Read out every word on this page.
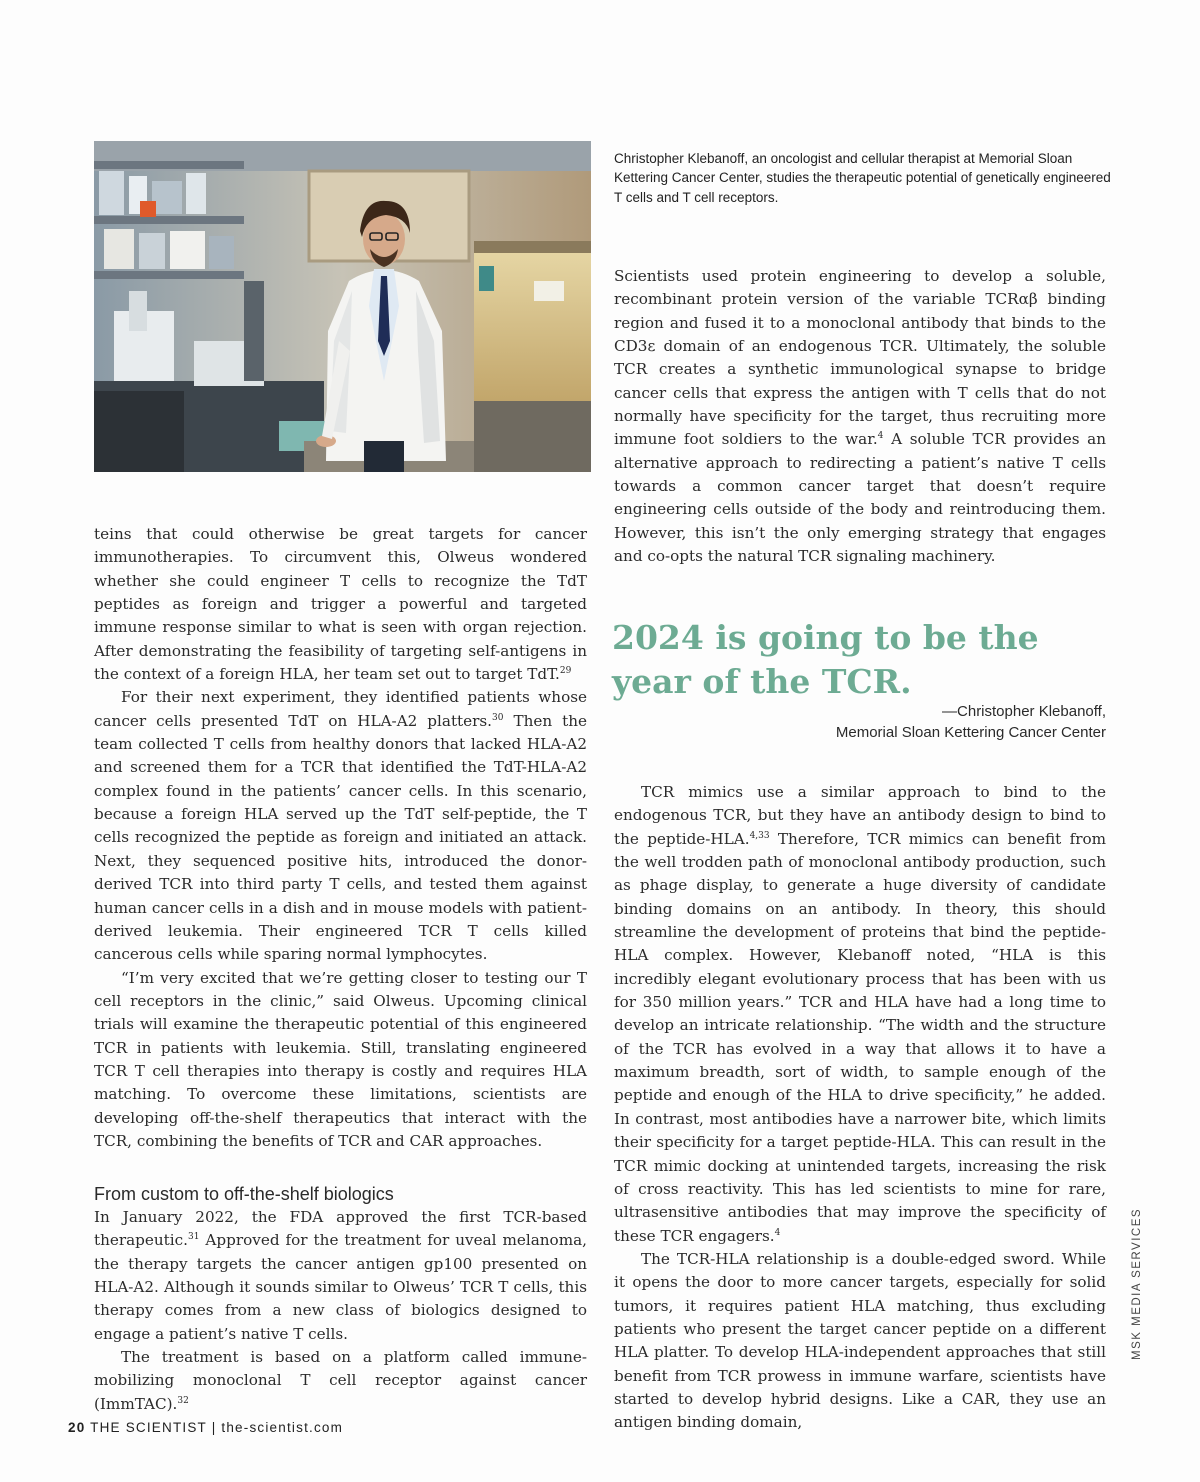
Christopher Klebanoff, an oncologist and cellular therapist at Memorial Sloan Kettering Cancer Center, studies the therapeutic potential of genetically engineered T cells and T cell receptors.

teins that could otherwise be great targets for cancer immunotherapies. To circumvent this, Olweus wondered whether she could engineer T cells to recognize the TdT peptides as foreign and trigger a powerful and targeted immune response similar to what is seen with organ rejection. After demonstrating the feasibility of targeting self-antigens in the context of a foreign HLA, her team set out to target TdT.$^{29}$

For their next experiment, they identified patients whose cancer cells presented TdT on HLA-A2 platters.$^{30}$ Then the team collected T cells from healthy donors that lacked HLA-A2 and screened them for a TCR that identified the TdT-HLA-A2 complex found in the patients’ cancer cells. In this scenario, because a foreign HLA served up the TdT self-peptide, the T cells recognized the peptide as foreign and initiated an attack. Next, they sequenced positive hits, introduced the donor-derived TCR into third party T cells, and tested them against human cancer cells in a dish and in mouse models with patient-derived leukemia. Their engineered TCR T cells killed cancerous cells while sparing normal lymphocytes.

“I’m very excited that we’re getting closer to testing our T cell receptors in the clinic,” said Olweus. Upcoming clinical trials will examine the therapeutic potential of this engineered TCR in patients with leukemia. Still, translating engineered TCR T cell therapies into therapy is costly and requires HLA matching. To overcome these limitations, scientists are developing off-the-shelf therapeutics that interact with the TCR, combining the benefits of TCR and CAR approaches.

From custom to off-the-shelf biologics

In January 2022, the FDA approved the first TCR-based therapeutic.$^{31}$ Approved for the treatment for uveal melanoma, the therapy targets the cancer antigen gp100 presented on HLA-A2. Although it sounds similar to Olweus’ TCR T cells, this therapy comes from a new class of biologics designed to engage a patient’s native T cells.

The treatment is based on a platform called immune-mobilizing monoclonal T cell receptor against cancer (ImmTAC).$^{32}$

Scientists used protein engineering to develop a soluble, recombinant protein version of the variable TCRαβ binding region and fused it to a monoclonal antibody that binds to the CD3ε domain of an endogenous TCR. Ultimately, the soluble TCR creates a synthetic immunological synapse to bridge cancer cells that express the antigen with T cells that do not normally have specificity for the target, thus recruiting more immune foot soldiers to the war.$^4$ A soluble TCR provides an alternative approach to redirecting a patient’s native T cells towards a common cancer target that doesn’t require engineering cells outside of the body and reintroducing them. However, this isn’t the only emerging strategy that engages and co-opts the natural TCR signaling machinery.

2024 is going to be the year of the TCR.
—Christopher Klebanoff,
Memorial Sloan Kettering Cancer Center

TCR mimics use a similar approach to bind to the endogenous TCR, but they have an antibody design to bind to the peptide-HLA.$^{4,33}$ Therefore, TCR mimics can benefit from the well trodden path of monoclonal antibody production, such as phage display, to generate a huge diversity of candidate binding domains on an antibody. In theory, this should streamline the development of proteins that bind the peptide-HLA complex. However, Klebanoff noted, “HLA is this incredibly elegant evolutionary process that has been with us for 350 million years.” TCR and HLA have had a long time to develop an intricate relationship. “The width and the structure of the TCR has evolved in a way that allows it to have a maximum breadth, sort of width, to sample enough of the peptide and enough of the HLA to drive specificity,” he added. In contrast, most antibodies have a narrower bite, which limits their specificity for a target peptide-HLA. This can result in the TCR mimic docking at unintended targets, increasing the risk of cross reactivity. This has led scientists to mine for rare, ultrasensitive antibodies that may improve the specificity of these TCR engagers.$^4$

The TCR-HLA relationship is a double-edged sword. While it opens the door to more cancer targets, especially for solid tumors, it requires patient HLA matching, thus excluding patients who present the target cancer peptide on a different HLA platter. To develop HLA-independent approaches that still benefit from TCR prowess in immune warfare, scientists have started to develop hybrid designs. Like a CAR, they use an antigen binding domain,

20 THE SCIENTIST | the-scientist.com
MSK MEDIA SERVICES
